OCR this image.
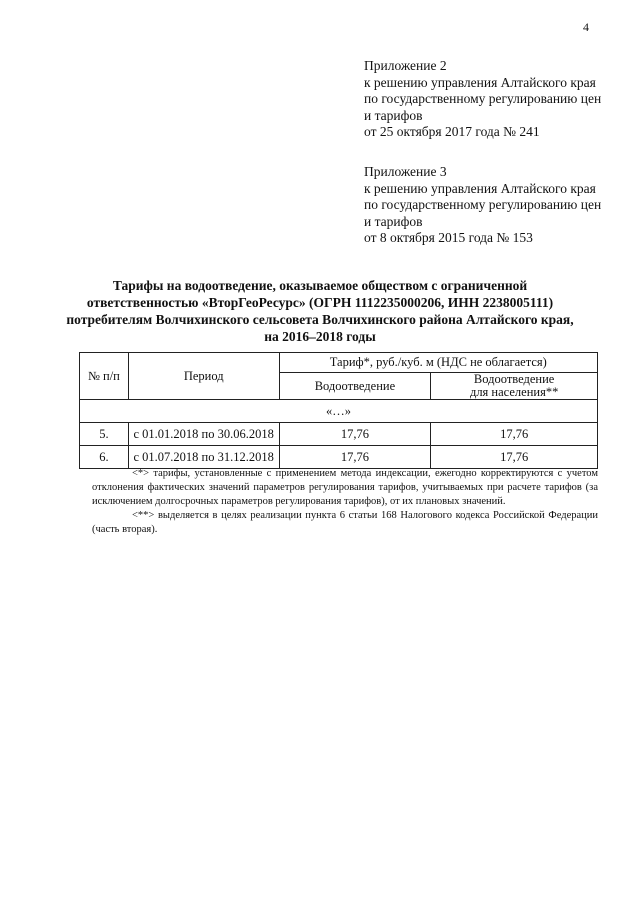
4
Приложение 2
к решению управления Алтайского края
по государственному регулированию цен
и тарифов
от 25 октября 2017 года № 241
Приложение 3
к решению управления Алтайского края
по государственному регулированию цен
и тарифов
от 8 октября 2015 года № 153
Тарифы на водоотведение, оказываемое обществом с ограниченной
ответственностью «ВторГеоРесурс» (ОГРН 1112235000206, ИНН 2238005111)
потребителям Волчихинского сельсовета Волчихинского района Алтайского края,
на 2016–2018 годы
№ п/п	Период	Тариф*, руб./куб. м (НДС не облагается)	
		Водоотведение	Водоотведение
для населения**

«…»			
5.	с 01.01.2018 по 30.06.2018	17,76	17,76
6.	с 01.07.2018 по 31.12.2018	17,76	17,76

<*> тарифы, установленные с применением метода индексации, ежегодно корректируются с учетом отклонения фактических значений параметров регулирования тарифов, учитываемых при расчете тарифов (за исключением долгосрочных параметров регулирования тарифов), от их плановых значений.

<**> выделяется в целях реализации пункта 6 статьи 168 Налогового кодекса Российской Федерации (часть вторая).
